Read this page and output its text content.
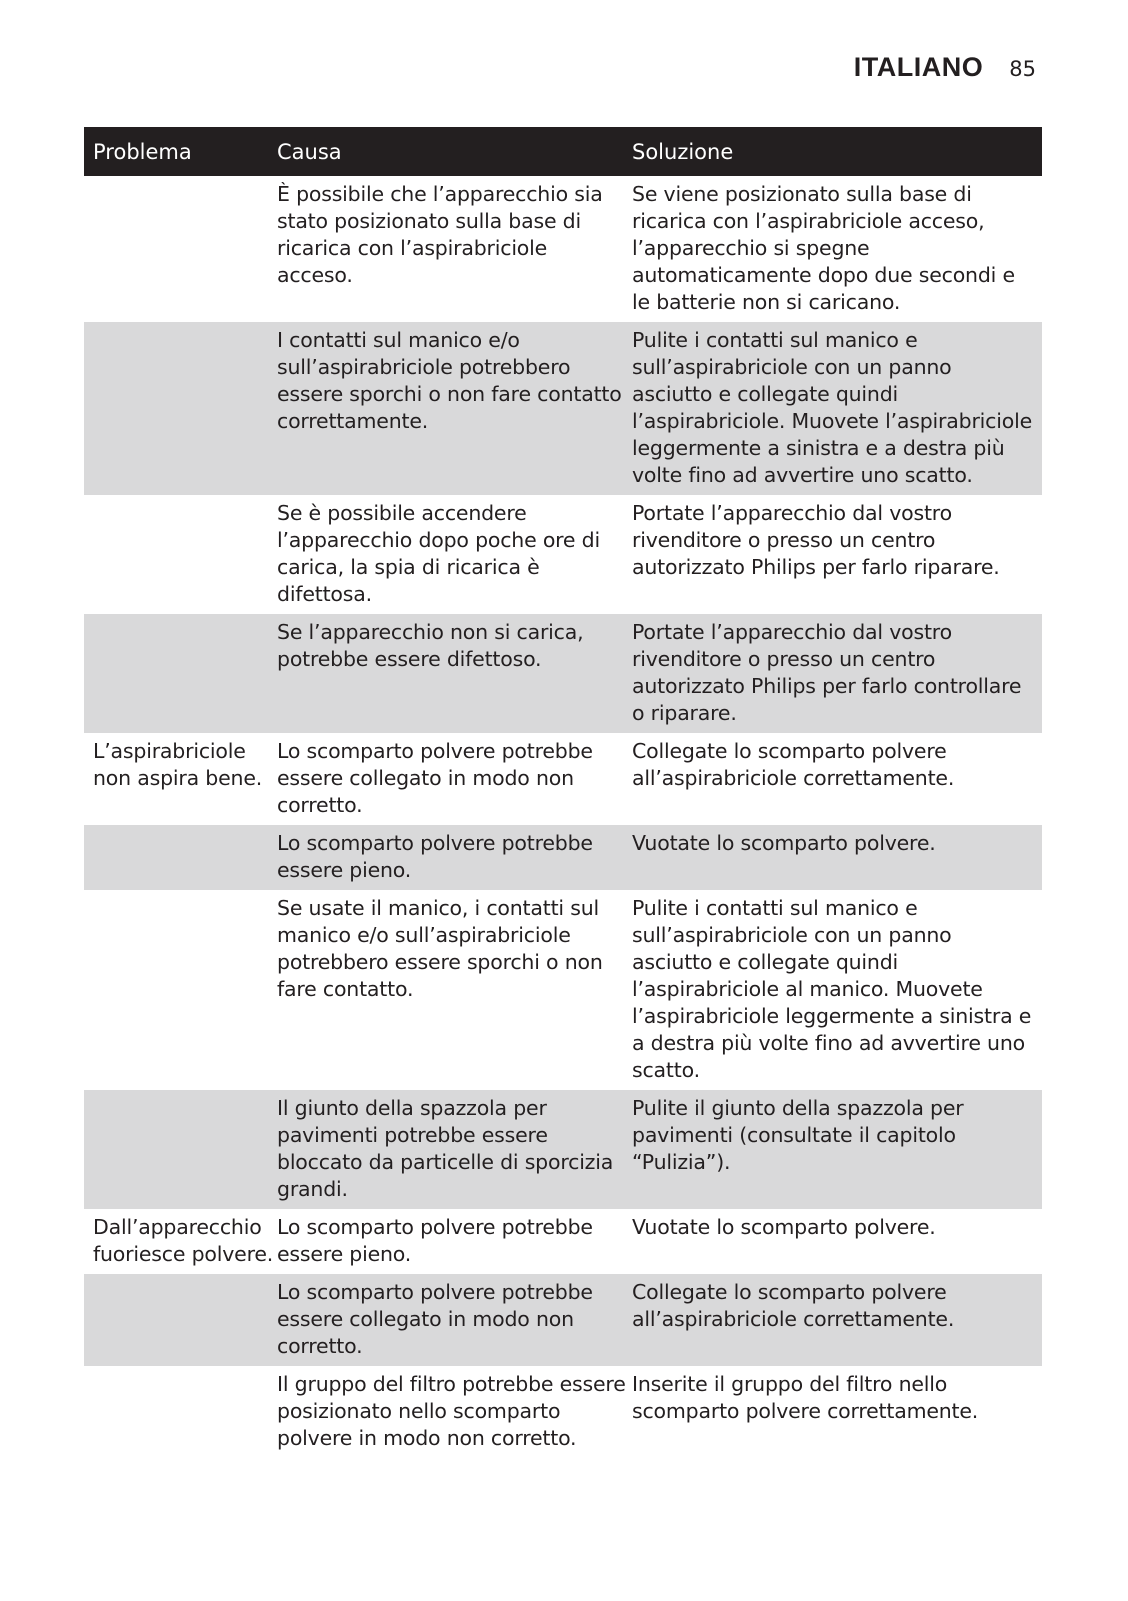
ITALIANO 85
Problema	Causa	Soluzione
È possibile che l’apparecchio sia stato posizionato sulla base di ricarica con l’aspirabriciole acceso.
Se viene posizionato sulla base di ricarica con l’aspirabriciole acceso, l’apparecchio si spegne automaticamente dopo due secondi e le batterie non si caricano.
I contatti sul manico e/o sull’aspirabriciole potrebbero essere sporchi o non fare contatto correttamente.
Pulite i contatti sul manico e sull’aspirabriciole con un panno asciutto e collegate quindi l’aspirabriciole. Muovete l’aspirabriciole leggermente a sinistra e a destra più volte fino ad avvertire uno scatto.
Se è possibile accendere l’apparecchio dopo poche ore di carica, la spia di ricarica è difettosa.
Portate l’apparecchio dal vostro rivenditore o presso un centro autorizzato Philips per farlo riparare.
Se l’apparecchio non si carica, potrebbe essere difettoso.
Portate l’apparecchio dal vostro rivenditore o presso un centro autorizzato Philips per farlo controllare o riparare.
L’aspirabriciole non aspira bene.
Lo scomparto polvere potrebbe essere collegato in modo non corretto.
Collegate lo scomparto polvere all’aspirabriciole correttamente.
Lo scomparto polvere potrebbe essere pieno.
Vuotate lo scomparto polvere.
Se usate il manico, i contatti sul manico e/o sull’aspirabriciole potrebbero essere sporchi o non fare contatto.
Pulite i contatti sul manico e sull’aspirabriciole con un panno asciutto e collegate quindi l’aspirabriciole al manico. Muovete l’aspirabriciole leggermente a sinistra e a destra più volte fino ad avvertire uno scatto.
Il giunto della spazzola per pavimenti potrebbe essere bloccato da particelle di sporcizia grandi.
Pulite il giunto della spazzola per pavimenti (consultate il capitolo “Pulizia”).
Dall’apparecchio fuoriesce polvere.
Lo scomparto polvere potrebbe essere pieno.
Vuotate lo scomparto polvere.
Lo scomparto polvere potrebbe essere collegato in modo non corretto.
Collegate lo scomparto polvere all’aspirabriciole correttamente.
Il gruppo del filtro potrebbe essere posizionato nello scomparto polvere in modo non corretto.
Inserite il gruppo del filtro nello scomparto polvere correttamente.
